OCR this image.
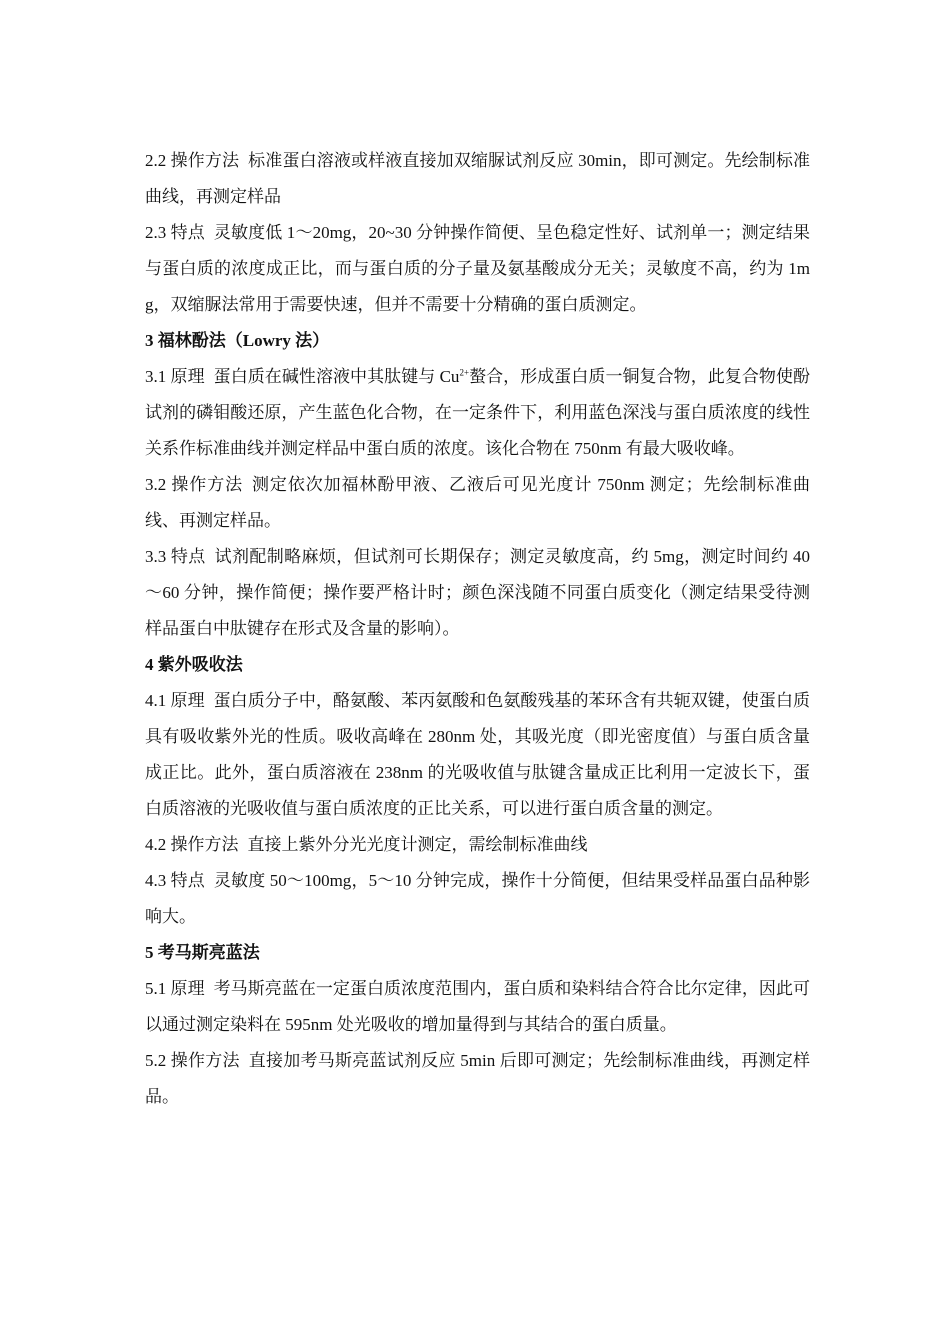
2.2 操作方法 标准蛋白溶液或样液直接加双缩脲试剂反应 30min，即可测定。先绘制标准曲线，再测定样品

2.3 特点 灵敏度低 1～20mg，20~30 分钟操作简便、呈色稳定性好、试剂单一；测定结果与蛋白质的浓度成正比，而与蛋白质的分子量及氨基酸成分无关；灵敏度不高，约为 1mg，双缩脲法常用于需要快速，但并不需要十分精确的蛋白质测定。

3 福林酚法（Lowry 法）

3.1 原理 蛋白质在碱性溶液中其肽键与 $Cu^{2+}$螯合，形成蛋白质一铜复合物，此复合物使酚试剂的磷钼酸还原，产生蓝色化合物，在一定条件下，利用蓝色深浅与蛋白质浓度的线性关系作标准曲线并测定样品中蛋白质的浓度。该化合物在 750nm 有最大吸收峰。

3.2 操作方法 测定依次加福林酚甲液、乙液后可见光度计 750nm 测定；先绘制标准曲线、再测定样品。

3.3 特点 试剂配制略麻烦，但试剂可长期保存；测定灵敏度高，约 5mg，测定时间约 40～60 分钟，操作简便；操作要严格计时；颜色深浅随不同蛋白质变化（测定结果受待测样品蛋白中肽键存在形式及含量的影响）。

4 紫外吸收法

4.1 原理 蛋白质分子中，酪氨酸、苯丙氨酸和色氨酸残基的苯环含有共轭双键，使蛋白质具有吸收紫外光的性质。吸收高峰在 280nm 处，其吸光度（即光密度值）与蛋白质含量成正比。此外，蛋白质溶液在 238nm 的光吸收值与肽键含量成正比利用一定波长下，蛋白质溶液的光吸收值与蛋白质浓度的正比关系，可以进行蛋白质含量的测定。

4.2 操作方法 直接上紫外分光光度计测定，需绘制标准曲线

4.3 特点 灵敏度 50～100mg，5～10 分钟完成，操作十分简便，但结果受样品蛋白品种影响大。

5 考马斯亮蓝法

5.1 原理 考马斯亮蓝在一定蛋白质浓度范围内，蛋白质和染料结合符合比尔定律，因此可以通过测定染料在 595nm 处光吸收的增加量得到与其结合的蛋白质量。

5.2 操作方法 直接加考马斯亮蓝试剂反应 5min 后即可测定；先绘制标准曲线，再测定样品。
